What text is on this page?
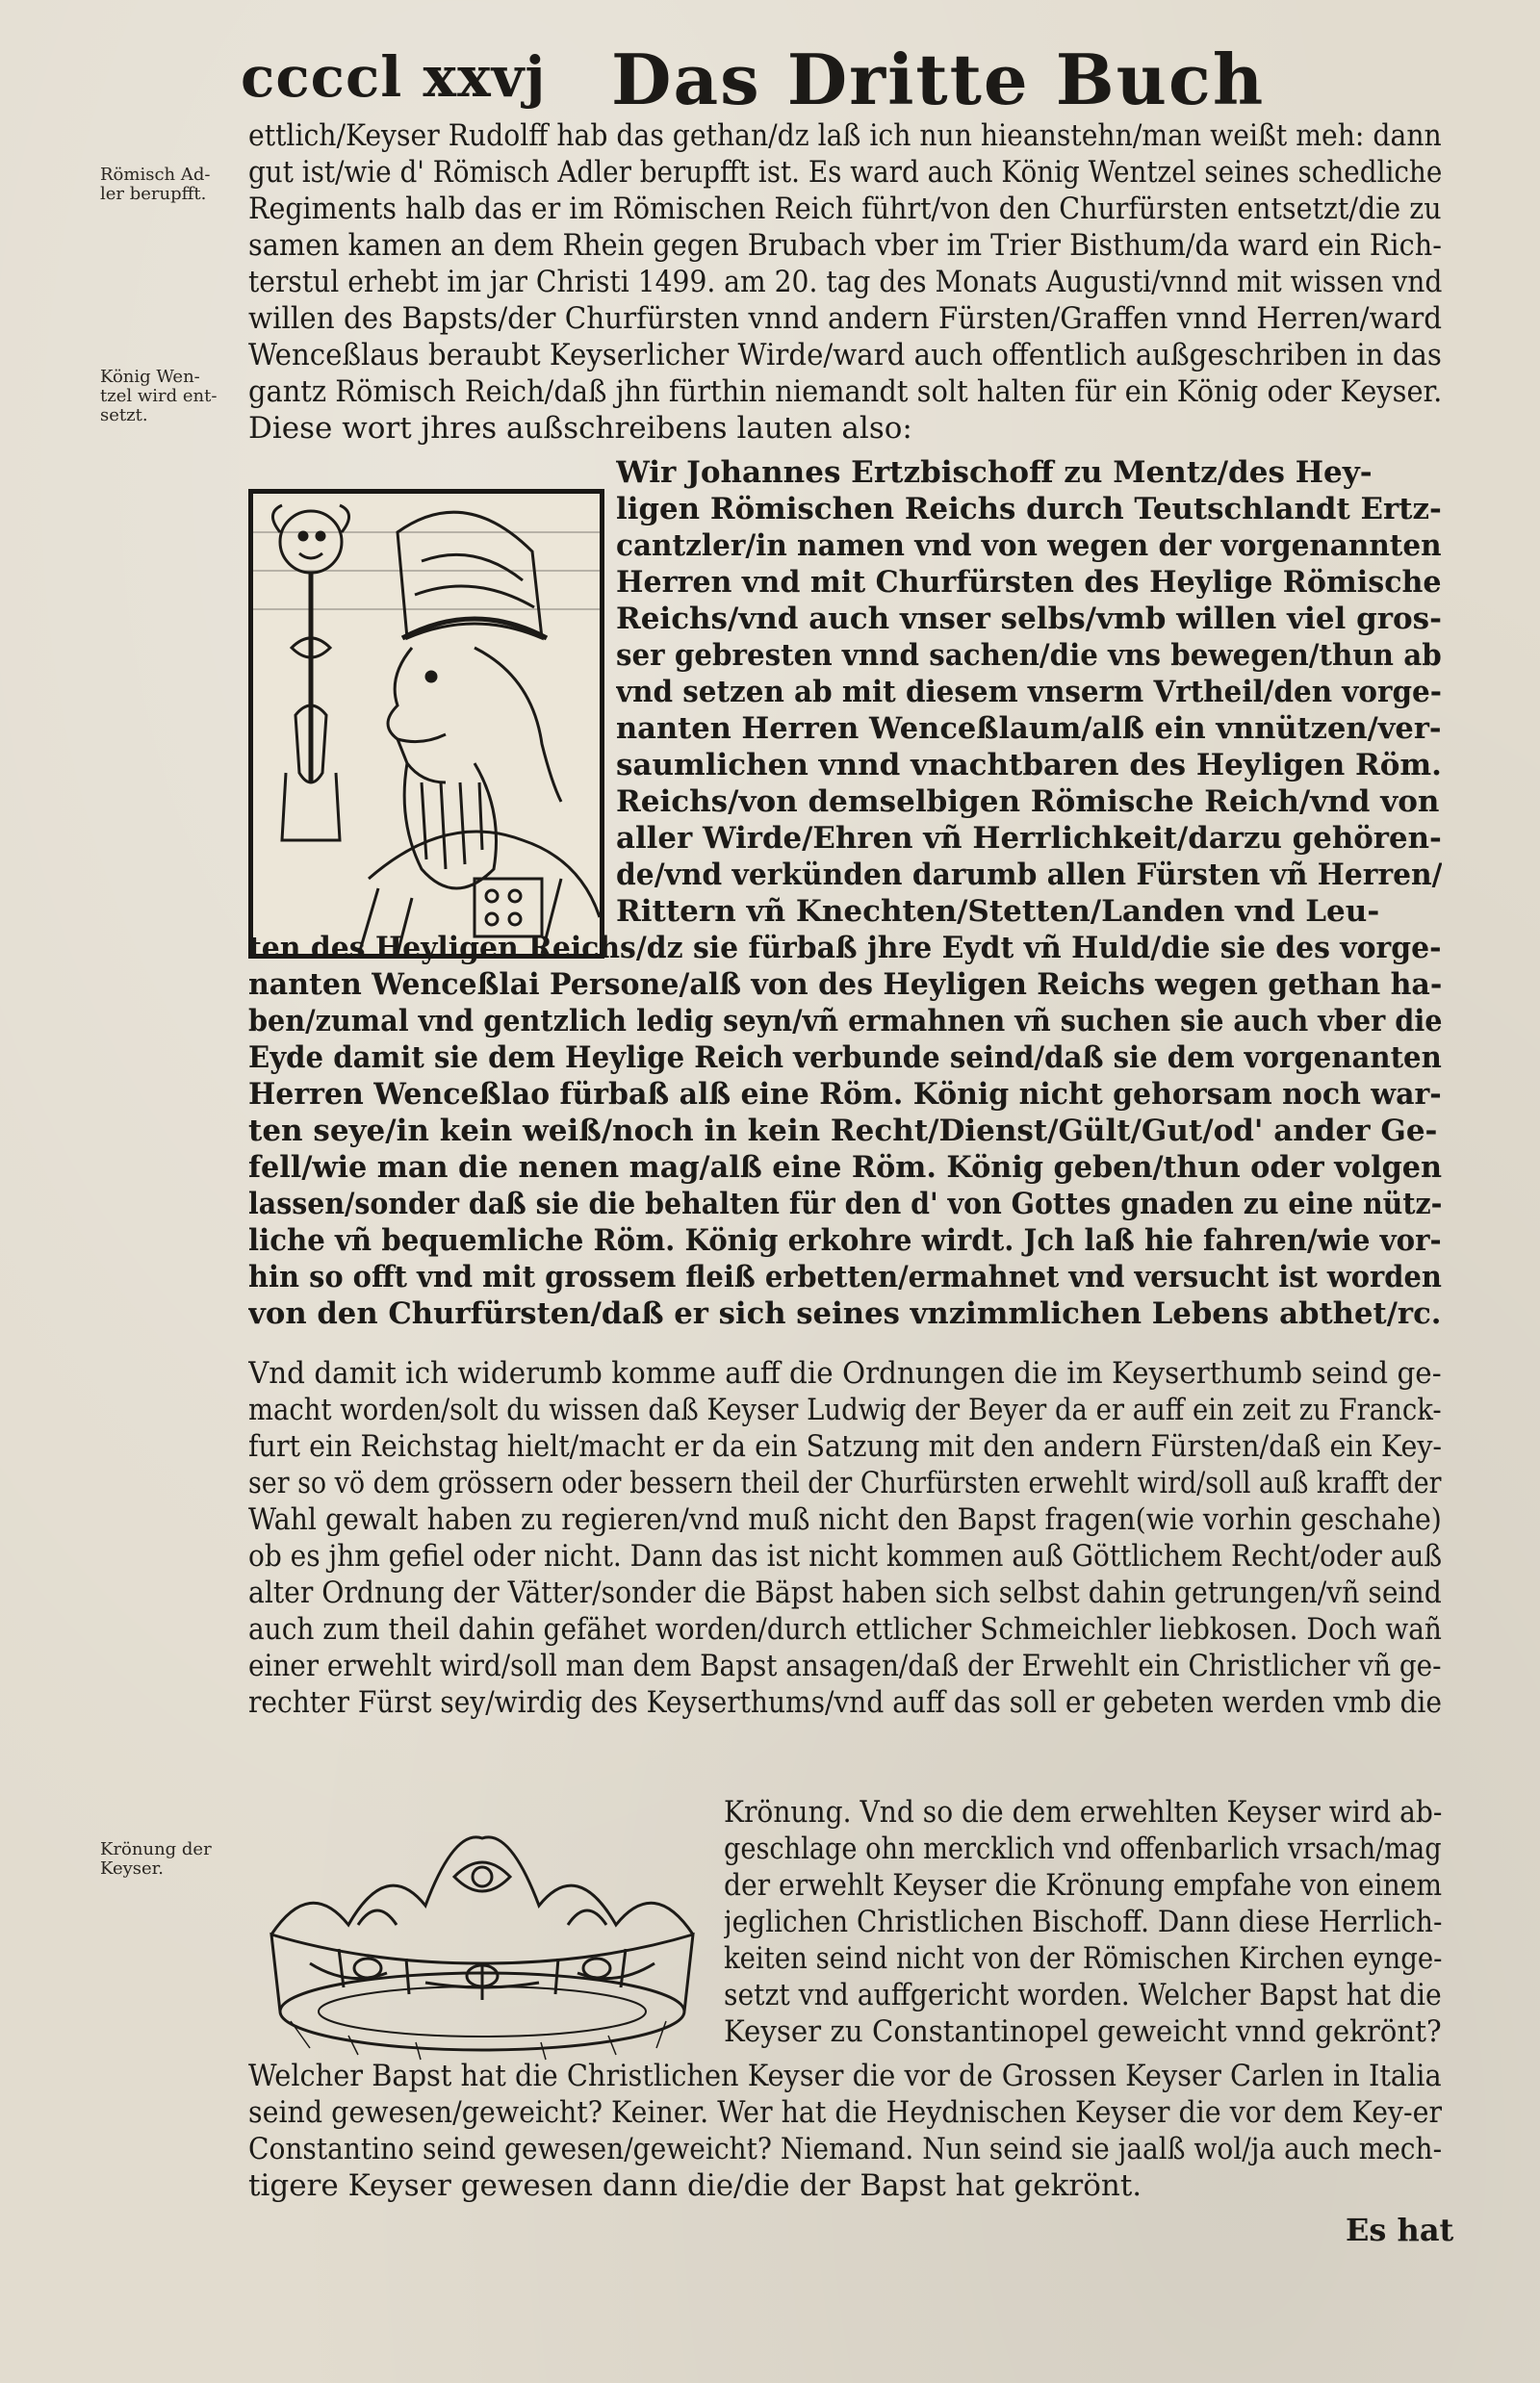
ccccl xxvj Das Dritte Buch
Römisch Ad- ler berupfft.
König Wen- tzel wird ent- setzt.
Krönung der Keyser.
ettlich/Keyser Rudolff hab das gethan/dz laß ich nun hieanstehn/man weißt meh: dann
gut ist/wie d' Römisch Adler berupfft ist. Es ward auch König Wentzel seines schedliche
Regiments halb das er im Römischen Reich führt/von den Churfürsten entsetzt/die zu
samen kamen an dem Rhein gegen Brubach vber im Trier Bisthum/da ward ein Rich-
terstul erhebt im jar Christi 1499. am 20. tag des Monats Augusti/vnnd mit wissen vnd
willen des Bapsts/der Churfürsten vnnd andern Fürsten/Graffen vnnd Herren/ward
Wenceßlaus beraubt Keyserlicher Wirde/ward auch offentlich außgeschriben in das
gantz Römisch Reich/daß jhn fürthin niemandt solt halten für ein König oder Keyser.
Diese wort jhres außschreibens lauten also:
Wir Johannes Ertzbischoff zu Mentz/des Hey-
ligen Römischen Reichs durch Teutschlandt Ertz-
cantzler/in namen vnd von wegen der vorgenannten
Herren vnd mit Churfürsten des Heylige Römische
Reichs/vnd auch vnser selbs/vmb willen viel gros-
ser gebresten vnnd sachen/die vns bewegen/thun ab
vnd setzen ab mit diesem vnserm Vrtheil/den vorge-
nanten Herren Wenceßlaum/alß ein vnnützen/ver-
saumlichen vnnd vnachtbaren des Heyligen Röm.
Reichs/von demselbigen Römische Reich/vnd von
aller Wirde/Ehren vñ Herrlichkeit/darzu gehören-
de/vnd verkünden darumb allen Fürsten vñ Herren/
Rittern vñ Knechten/Stetten/Landen vnd Leu-
ten des Heyligen Reichs/dz sie fürbaß jhre Eydt vñ Huld/die sie des vorge-
nanten Wenceßlai Persone/alß von des Heyligen Reichs wegen gethan ha-
ben/zumal vnd gentzlich ledig seyn/vñ ermahnen vñ suchen sie auch vber die
Eyde damit sie dem Heylige Reich verbunde seind/daß sie dem vorgenanten
Herren Wenceßlao fürbaß alß eine Röm. König nicht gehorsam noch war-
ten seye/in kein weiß/noch in kein Recht/Dienst/Gült/Gut/od' ander Ge-
fell/wie man die nenen mag/alß eine Röm. König geben/thun oder volgen
lassen/sonder daß sie die behalten für den d' von Gottes gnaden zu eine nütz-
liche vñ bequemliche Röm. König erkohre wirdt. Jch laß hie fahren/wie vor-
hin so offt vnd mit grossem fleiß erbetten/ermahnet vnd versucht ist worden
von den Churfürsten/daß er sich seines vnzimmlichen Lebens abthet/rc.
Vnd damit ich widerumb komme auff die Ordnungen die im Keyserthumb seind ge-
macht worden/solt du wissen daß Keyser Ludwig der Beyer da er auff ein zeit zu Franck-
furt ein Reichstag hielt/macht er da ein Satzung mit den andern Fürsten/daß ein Key-
ser so vö dem grössern oder bessern theil der Churfürsten erwehlt wird/soll auß krafft der
Wahl gewalt haben zu regieren/vnd muß nicht den Bapst fragen(wie vorhin geschahe)
ob es jhm gefiel oder nicht. Dann das ist nicht kommen auß Göttlichem Recht/oder auß
alter Ordnung der Vätter/sonder die Bäpst haben sich selbst dahin getrungen/vñ seind
auch zum theil dahin gefähet worden/durch ettlicher Schmeichler liebkosen. Doch wañ
einer erwehlt wird/soll man dem Bapst ansagen/daß der Erwehlt ein Christlicher vñ ge-
rechter Fürst sey/wirdig des Keyserthums/vnd auff das soll er gebeten werden vmb die
Krönung. Vnd so die dem erwehlten Keyser wird ab-
geschlage ohn mercklich vnd offenbarlich vrsach/mag
der erwehlt Keyser die Krönung empfahe von einem
jeglichen Christlichen Bischoff. Dann diese Herrlich-
keiten seind nicht von der Römischen Kirchen eynge-
setzt vnd auffgericht worden. Welcher Bapst hat die
Keyser zu Constantinopel geweicht vnnd gekrönt?
Welcher Bapst hat die Christlichen Keyser die vor de Grossen Keyser Carlen in Italia
seind gewesen/geweicht? Keiner. Wer hat die Heydnischen Keyser die vor dem Key-er
Constantino seind gewesen/geweicht? Niemand. Nun seind sie jaalß wol/ja auch mech-
tigere Keyser gewesen dann die/die der Bapst hat gekrönt.
Es hat
